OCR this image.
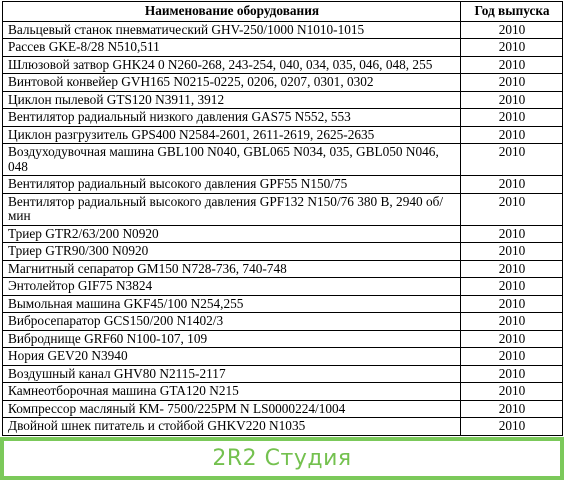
Наименование оборудования	Год выпуска
Вальцевый станок пневматический GHV-250/1000 N1010-1015	2010
Рассев GKE-8/28 N510,511	2010
Шлюзовой затвор GHK24 0 N260-268, 243-254, 040, 034, 035, 046, 048, 255	2010
Винтовой конвейер GVH165 N0215-0225, 0206, 0207, 0301, 0302	2010
Циклон пылевой GTS120 N3911, 3912	2010
Вентилятор радиальный низкого давления GAS75 N552, 553	2010
Циклон разгрузитель GPS400 N2584-2601, 2611-2619, 2625-2635	2010
Воздуходувочная машина GBL100 N040, GBL065 N034, 035, GBL050 N046, 048	2010
Вентилятор радиальный высокого давления GPF55 N150/75	2010
Вентилятор радиальный высокого давления GPF132 N150/76 380 В, 2940 об/мин	2010
Триер GTR2/63/200 N0920	2010
Триер GTR90/300 N0920	2010
Магнитный сепаратор GM150 N728-736, 740-748	2010
Энтолейтор GIF75 N3824	2010
Вымольная машина GKF45/100 N254,255	2010
Вибросепаратор GCS150/200 N1402/3	2010
Виброднище GRF60 N100-107, 109	2010
Нория GEV20 N3940	2010
Воздушный канал GHV80 N2115-2117	2010
Камнеотборочная машина GTA120 N215	2010
Компрессор масляный КМ- 7500/225PM N LS0000224/1004	2010
Двойной шнек питатель и стойбой GHKV220 N1035	2010
2R2 Студия
